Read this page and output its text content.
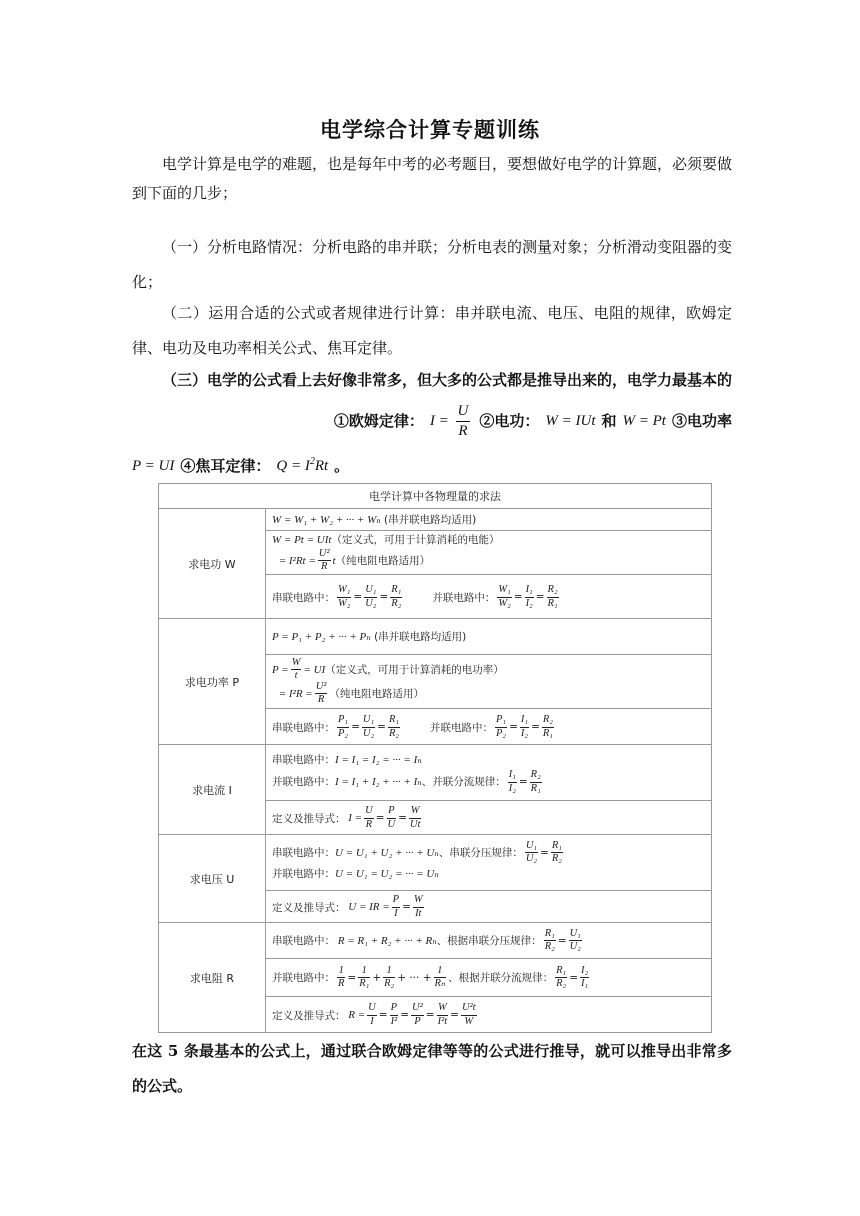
电学综合计算专题训练
电学计算是电学的难题，也是每年中考的必考题目，要想做好电学的计算题，必须要做到下面的几步；
（一）分析电路情况：分析电路的串并联；分析电表的测量对象；分析滑动变阻器的变化；
（二）运用合适的公式或者规律进行计算：串并联电流、电压、电阻的规律，欧姆定律、电功及电功率相关公式、焦耳定律。
（三）电学的公式看上去好像非常多，但大多的公式都是推导出来的，电学力最基本的
①欧姆定律： $I = \frac{U}{R}$ ②电功： W = IUt 和 W = Pt ③电功率
P = UI ④焦耳定律： $Q = I^2Rt$ 。
电学计算中各物理量的求法
求电功 W
W = W₁ + W₂ + ··· + Wₙ (串并联电路均适用)
W = Pt = UIt（定义式，可用于计算消耗的电能）
= $I^2Rt = \frac{\text{U²}}{R} t$（纯电阻电路适用）
串联电路中： $\frac{\text{W₁}}{\text{W₂}} = \frac{\text{U₁}}{\text{U₂}} = \frac{\text{R₁}}{\text{R₂}}$	并联电路中： $\frac{\text{W₁}}{\text{W₂}} = \frac{\text{I₁}}{\text{I₂}} = \frac{\text{R₂}}{\text{R₁}}$
求电功率 P
P = P₁ + P₂ + ··· + Pₙ (串并联电路均适用)
$P = \frac{W}{t} = UI$（定义式，可用于计算消耗的电功率）
= $I^2R = \frac{\text{U²}}{R}$ （纯电阻电路适用）
串联电路中： $\frac{\text{P₁}}{\text{P₂}} = \frac{\text{U₁}}{\text{U₂}} = \frac{\text{R₁}}{\text{R₂}}$	并联电路中： $\frac{\text{P₁}}{\text{P₂}} = \frac{\text{I₁}}{\text{I₂}} = \frac{\text{R₂}}{\text{R₁}}$
求电流 I
串联电路中：I = I₁ = I₂ = ··· = Iₙ
并联电路中：I = I₁ + I₂ + ··· + Iₙ、并联分流规律： $\frac{\text{I₁}}{\text{I₂}} = \frac{\text{R₂}}{\text{R₁}}$
定义及推导式： $I = \frac{U}{R} = \frac{P}{U} = \frac{W}{Ut}$
求电压 U
串联电路中：U = U₁ + U₂ + ··· + Uₙ、串联分压规律： $\frac{\text{U₁}}{\text{U₂}} = \frac{\text{R₁}}{\text{R₂}}$
并联电路中：U = U₁ = U₂ = ··· = Uₙ
定义及推导式： U = IR = $\frac{P}{I} = \frac{W}{It}$
求电阻 R
串联电路中： R = R₁ + R₂ + ··· + Rₙ 、根据串联分压规律： $\frac{\text{R₁}}{\text{R₂}} = \frac{\text{U₁}}{\text{U₂}}$
并联电路中： $\frac{1}{R} = \frac{1}{\text{R₁}} + \frac{1}{\text{R₂}}$ + ··· + $\frac{1}{\text{Rₙ}}$ 、根据并联分流规律： $\frac{\text{R₁}}{\text{R₂}} = \frac{\text{I₂}}{\text{I₁}}$
定义及推导式： $R = \frac{U}{I} = \frac{P}{\text{I²}} = \frac{\text{U²}}{P} = \frac{W}{\text{I²t}} = \frac{\text{U²t}}{W}$
在这 5 条最基本的公式上，通过联合欧姆定律等等的公式进行推导，就可以推导出非常多的公式。
